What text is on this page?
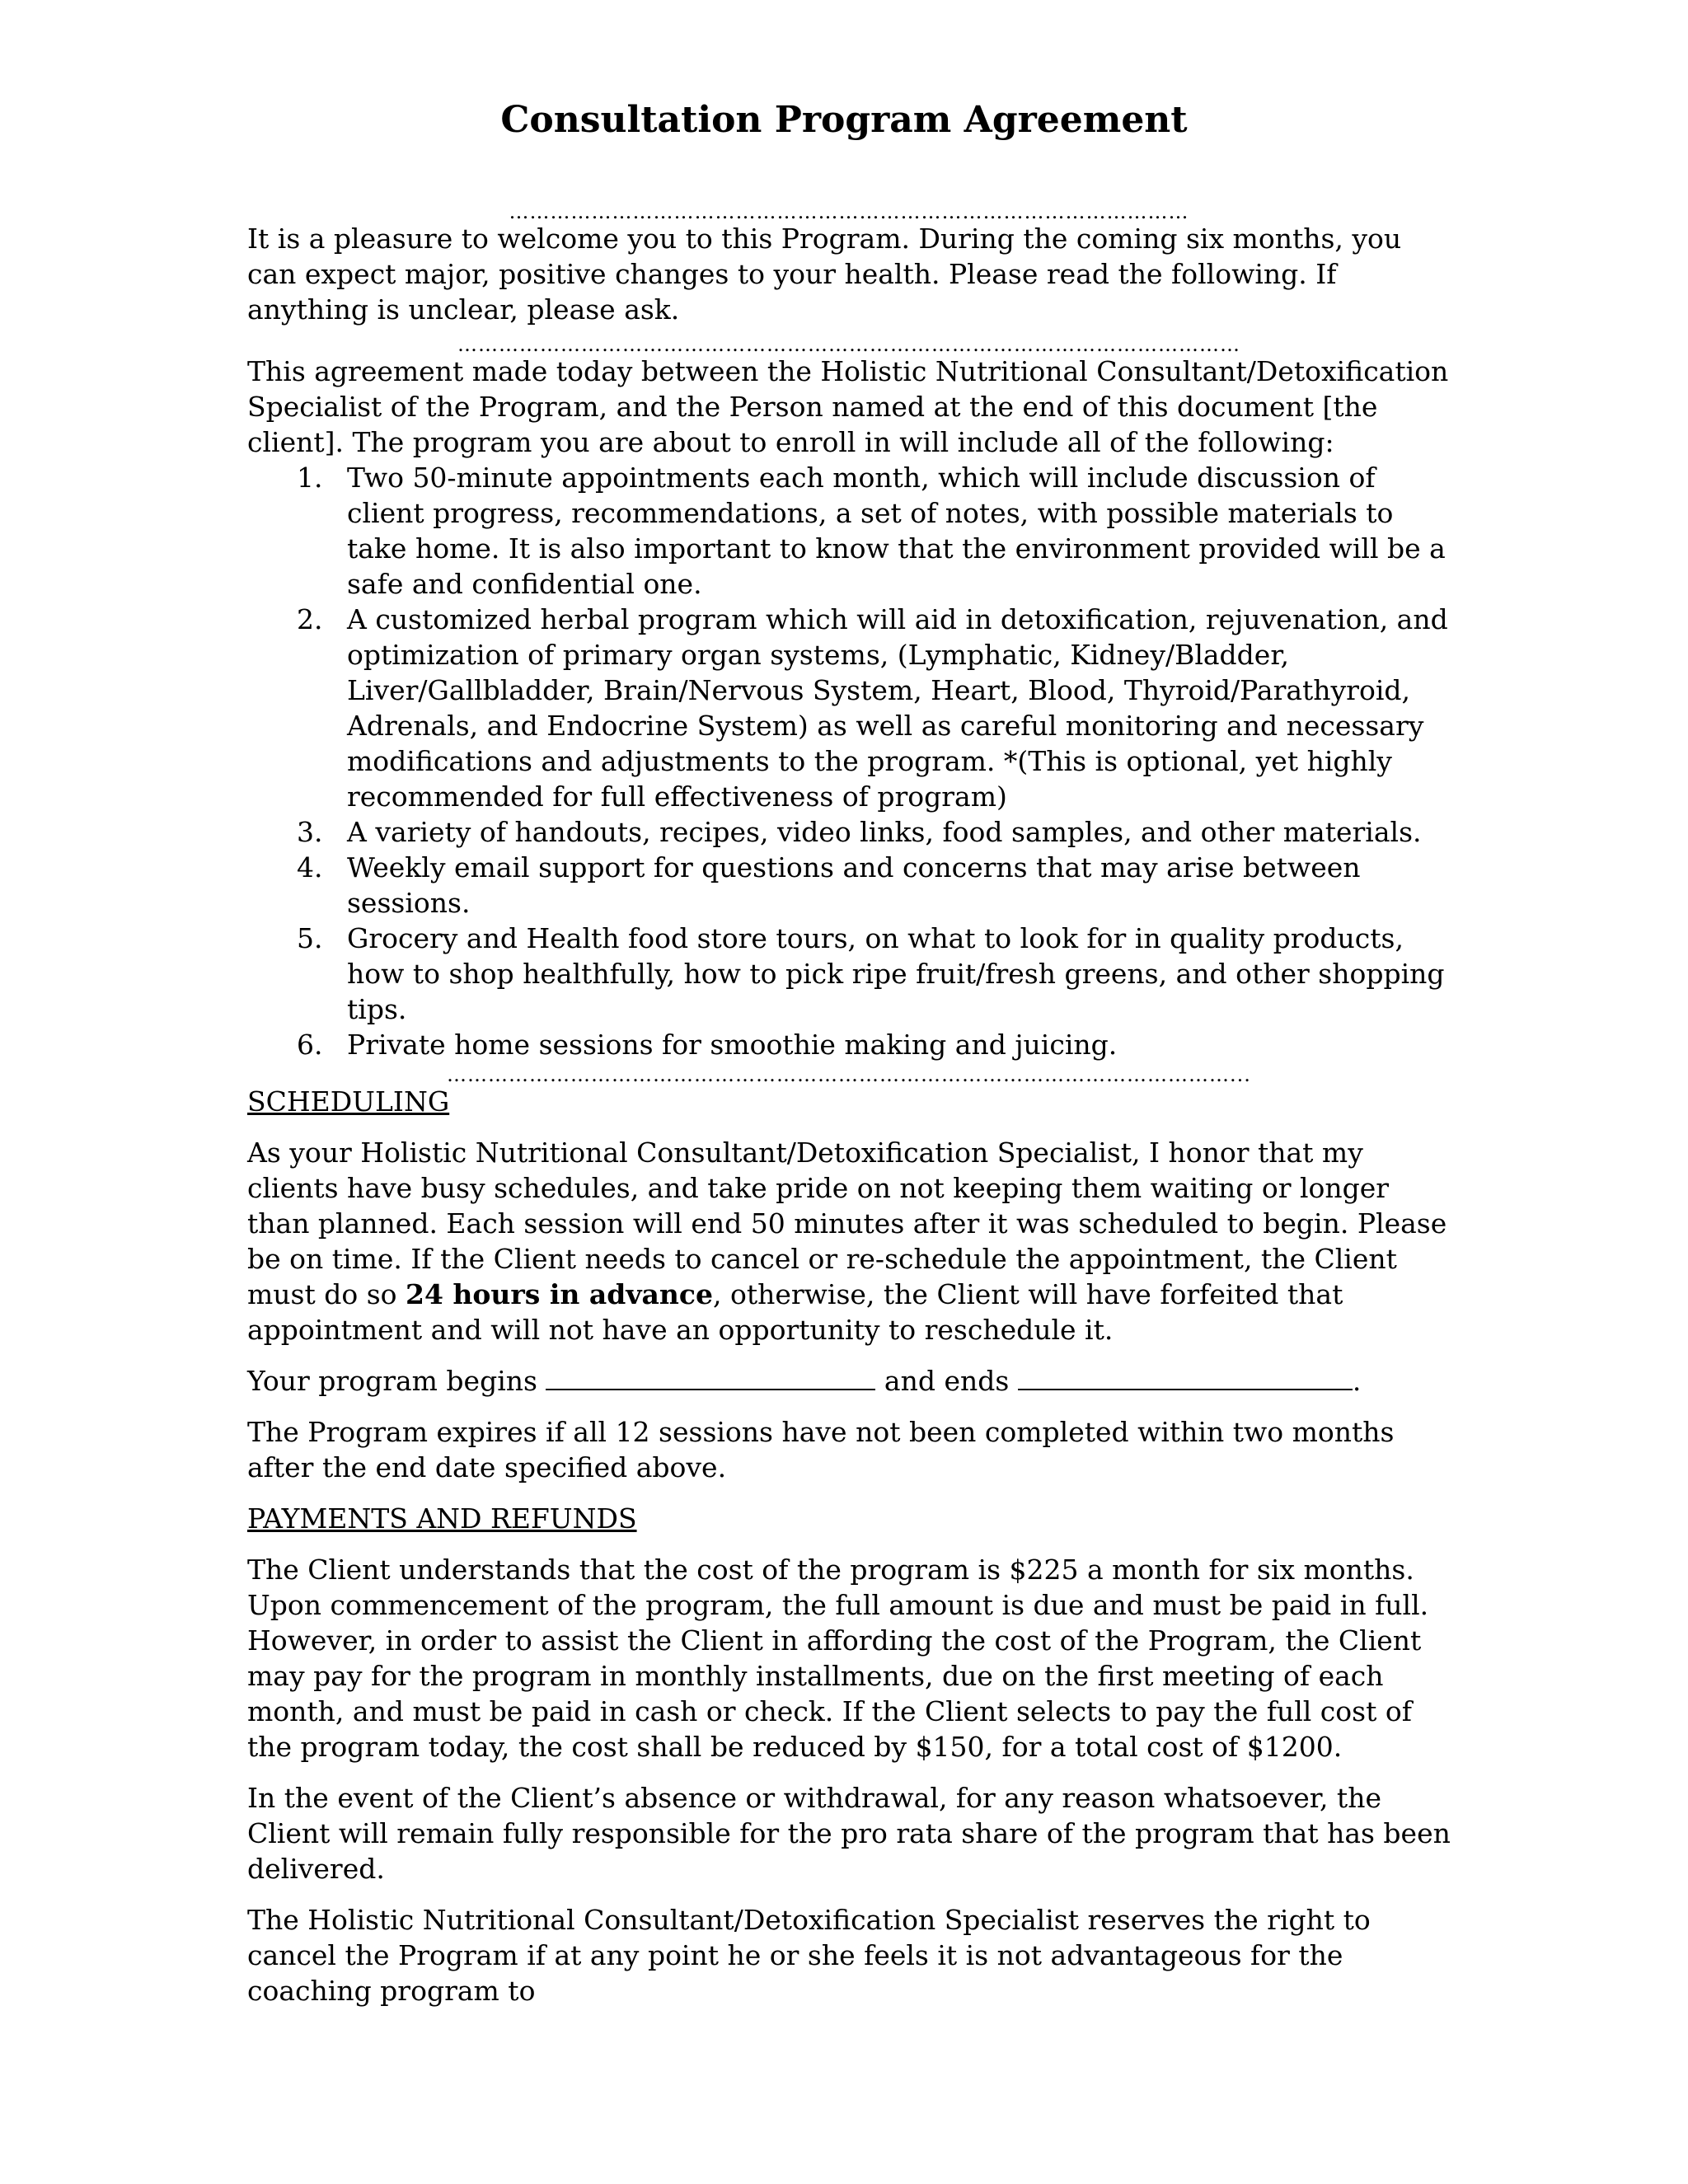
Consultation Program Agreement
………………………………………………………………………………………

It is a pleasure to welcome you to this Program. During the coming six months, you can expect major, positive changes to your health. Please read the following. If anything is unclear, please ask.

……………………………………………………………………………………………………

This agreement made today between the Holistic Nutritional Consultant/Detoxification Specialist of the Program, and the Person named at the end of this document [the client]. The program you are about to enroll in will include all of the following:

1. Two 50-minute appointments each month, which will include discussion of client progress, recommendations, a set of notes, with possible materials to take home. It is also important to know that the environment provided will be a safe and confidential one.
2. A customized herbal program which will aid in detoxification, rejuvenation, and optimization of primary organ systems, (Lymphatic, Kidney/Bladder, Liver/Gallbladder, Brain/Nervous System, Heart, Blood, Thyroid/Parathyroid, Adrenals, and Endocrine System) as well as careful monitoring and necessary modifications and adjustments to the program. *(This is optional, yet highly recommended for full effectiveness of program)
3. A variety of handouts, recipes, video links, food samples, and other materials.
4. Weekly email support for questions and concerns that may arise between sessions.
5. Grocery and Health food store tours, on what to look for in quality products, how to shop healthfully, how to pick ripe fruit/fresh greens, and other shopping tips.
6. Private home sessions for smoothie making and juicing.
……………………………………………………………………………………………………...

SCHEDULING

As your Holistic Nutritional Consultant/Detoxification Specialist, I honor that my clients have busy schedules, and take pride on not keeping them waiting or longer than planned. Each session will end 50 minutes after it was scheduled to begin. Please be on time. If the Client needs to cancel or re-schedule the appointment, the Client must do so 24 hours in advance, otherwise, the Client will have forfeited that appointment and will not have an opportunity to reschedule it.

Your program begins	and ends	.

The Program expires if all 12 sessions have not been completed within two months after the end date specified above.

PAYMENTS AND REFUNDS

The Client understands that the cost of the program is $225 a month for six months. Upon commencement of the program, the full amount is due and must be paid in full. However, in order to assist the Client in affording the cost of the Program, the Client may pay for the program in monthly installments, due on the first meeting of each month, and must be paid in cash or check. If the Client selects to pay the full cost of the program today, the cost shall be reduced by $150, for a total cost of $1200.

In the event of the Client’s absence or withdrawal, for any reason whatsoever, the Client will remain fully responsible for the pro rata share of the program that has been delivered.

The Holistic Nutritional Consultant/Detoxification Specialist reserves the right to cancel the Program if at any point he or she feels it is not advantageous for the coaching program to
